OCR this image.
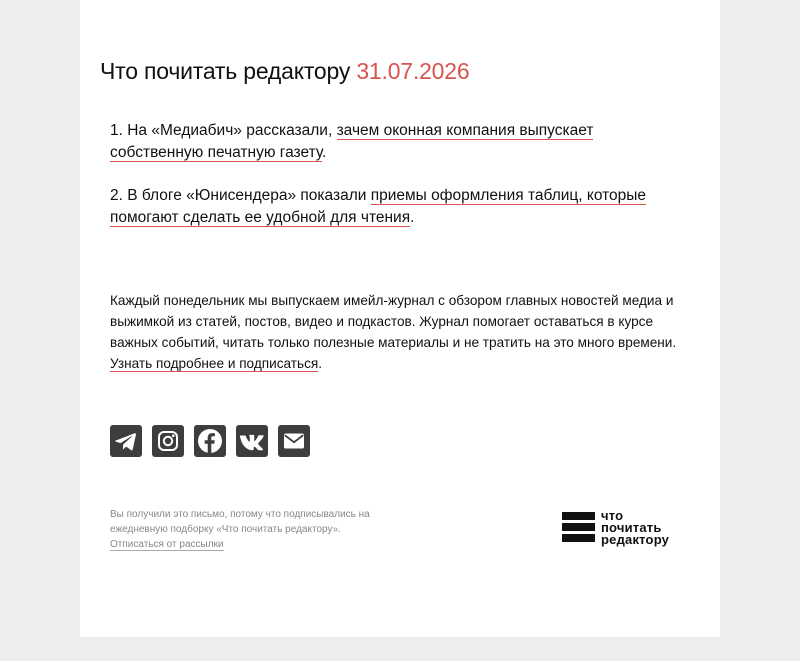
Что почитать редактору 31.07.2026

1. На «Медиабич» рассказали, зачем оконная компания выпускает собственную печатную газету.

2. В блоге «Юнисендера» показали приемы оформления таблиц, которые помогают сделать ее удобной для чтения.

Каждый понедельник мы выпускаем имейл-журнал с обзором главных новостей медиа и выжимкой из статей, постов, видео и подкастов. Журнал помогает оставаться в курсе важных событий, читать только полезные материалы и не тратить на это много времени. Узнать подробнее и подписаться.

Вы получили это письмо, потому что подписывались на ежедневную подборку «Что почитать редактору».
Отписаться от рассылки

что
почитать
редактору
